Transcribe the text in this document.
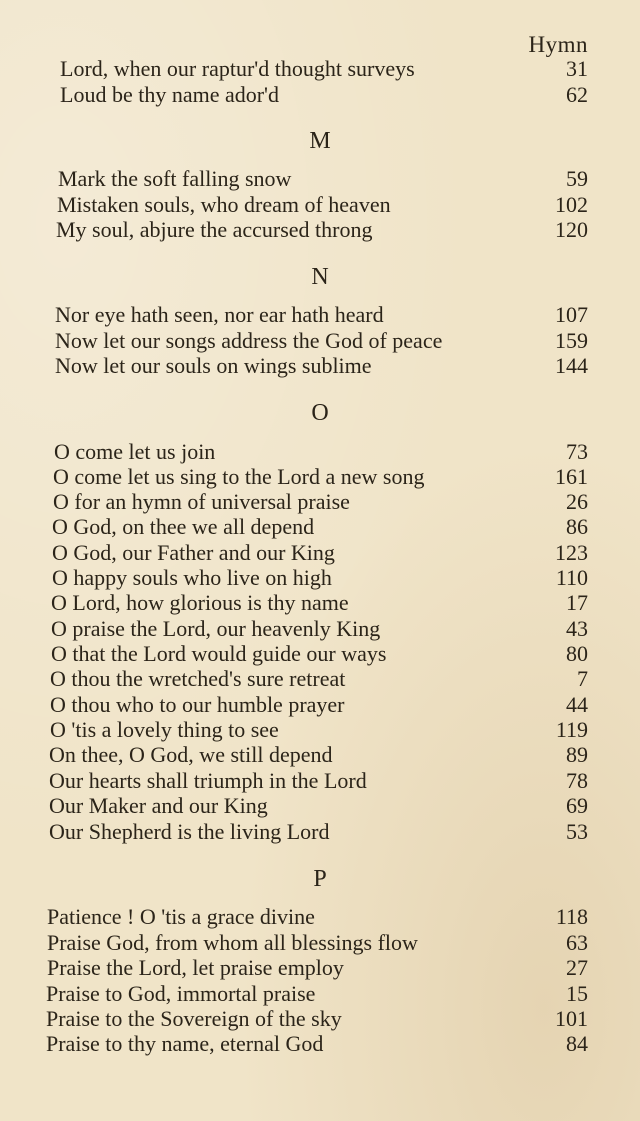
Hymn
Lord, when our raptur'd thought surveys	31
Loud be thy name ador'd	62
M
Mark the soft falling snow	59
Mistaken souls, who dream of heaven	102
My soul, abjure the accursed throng	120
N
Nor eye hath seen, nor ear hath heard	107
Now let our songs address the God of peace	159
Now let our souls on wings sublime	144
O
O come let us join	73
O come let us sing to the Lord a new song	161
O for an hymn of universal praise	26
O God, on thee we all depend	86
O God, our Father and our King	123
O happy souls who live on high	110
O Lord, how glorious is thy name	17
O praise the Lord, our heavenly King	43
O that the Lord would guide our ways	80
O thou the wretched's sure retreat	7
O thou who to our humble prayer	44
O 'tis a lovely thing to see	119
On thee, O God, we still depend	89
Our hearts shall triumph in the Lord	78
Our Maker and our King	69
Our Shepherd is the living Lord	53
P
Patience ! O 'tis a grace divine	118
Praise God, from whom all blessings flow	63
Praise the Lord, let praise employ	27
Praise to God, immortal praise	15
Praise to the Sovereign of the sky	101
Praise to thy name, eternal God	84
